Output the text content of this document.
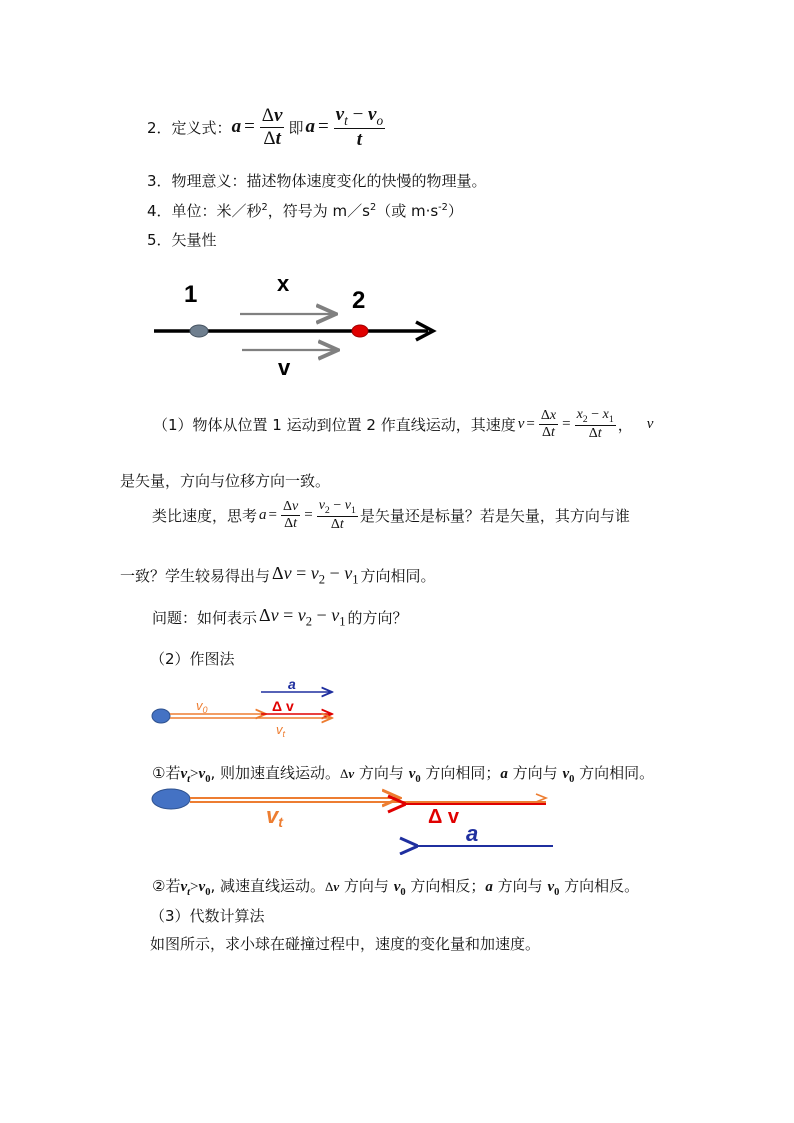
2． 定义式： $a = \frac{\Delta v}{\Delta t}$ 即 $a = \frac{v_t - v_o}{t}$
3．物理意义：描述物体速度变化的快慢的物理量。
4．单位：米／秒$^2$，符号为 $m/s^2$（或 $m\cdot s^{-2}$）
5．矢量性
1	2
x
v
（1）物体从位置 1 运动到位置 2 作直线运动，其速度 $v = \frac{\Delta x}{\Delta t} = \frac{x_2 - x_1}{\Delta t}$ ， v
是矢量，方向与位移方向一致。
类比速度，思考 $a = \frac{\Delta v}{\Delta t} = \frac{v_2 - v_1}{\Delta t}$ 是矢量还是标量？若是矢量，其方向与谁
一致？学生较易得出与 $\Delta v = v_2 - v_1$ 方向相同。
问题：如何表示 $\Delta v = v_2 - v_1$ 的方向？
（2）作图法
a
$v_0$	Δ v
$v_t$
①若$v_t>v_0$, 则加速直线运动。Δv 方向与 $v_0$ 方向相同；a 方向与 $v_0$ 方向相同。
vt	Δ v
a
②若$v_t>v_0$, 减速直线运动。Δv 方向与 $v_0$ 方向相反；a 方向与 $v_0$ 方向相反。
（3）代数计算法
如图所示，求小球在碰撞过程中，速度的变化量和加速度。
